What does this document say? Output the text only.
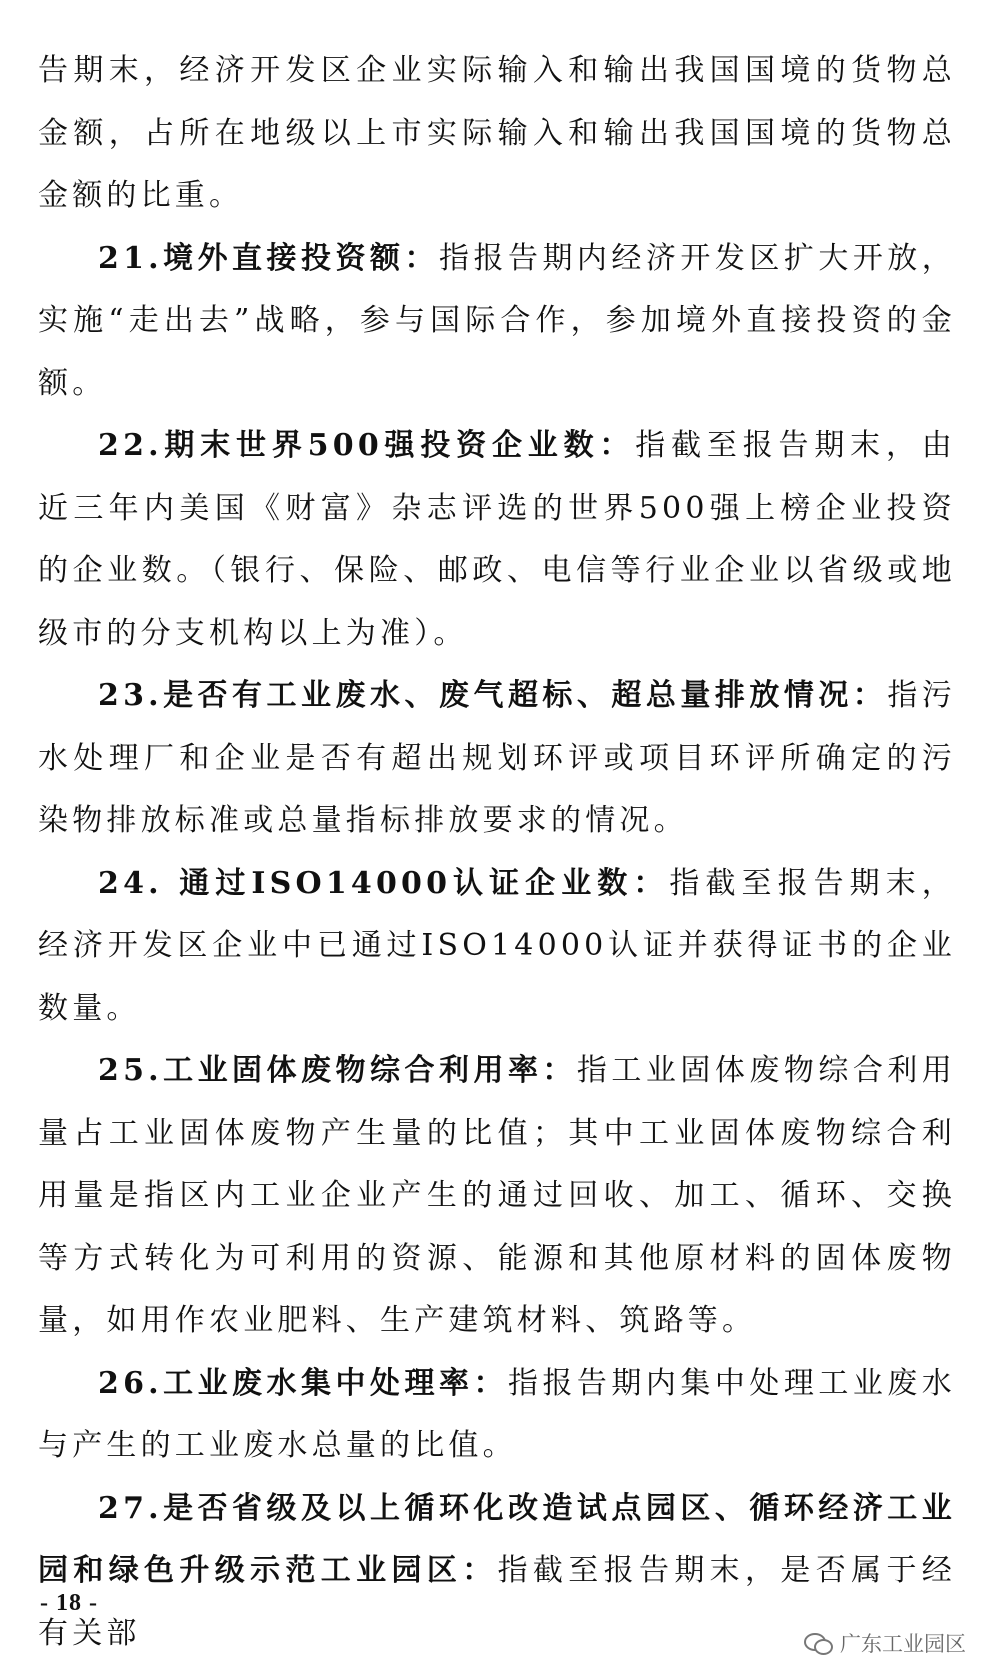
告期末，经济开发区企业实际输入和输出我国国境的货物总金额，占所在地级以上市实际输入和输出我国国境的货物总金额的比重。

21.境外直接投资额：指报告期内经济开发区扩大开放，实施“走出去”战略，参与国际合作，参加境外直接投资的金额。

22.期末世界500强投资企业数：指截至报告期末，由近三年内美国《财富》杂志评选的世界500强上榜企业投资的企业数。（银行、保险、邮政、电信等行业企业以省级或地级市的分支机构以上为准）。

23.是否有工业废水、废气超标、超总量排放情况：指污水处理厂和企业是否有超出规划环评或项目环评所确定的污染物排放标准或总量指标排放要求的情况。

24. 通过ISO14000认证企业数：指截至报告期末，经济开发区企业中已通过ISO14000认证并获得证书的企业数量。

25.工业固体废物综合利用率：指工业固体废物综合利用量占工业固体废物产生量的比值；其中工业固体废物综合利用量是指区内工业企业产生的通过回收、加工、循环、交换等方式转化为可利用的资源、能源和其他原材料的固体废物量，如用作农业肥料、生产建筑材料、筑路等。

26.工业废水集中处理率：指报告期内集中处理工业废水与产生的工业废水总量的比值。

27.是否省级及以上循环化改造试点园区、循环经济工业园和绿色升级示范工业园区：指截至报告期末，是否属于经有关部

- 18 -
广东工业园区
